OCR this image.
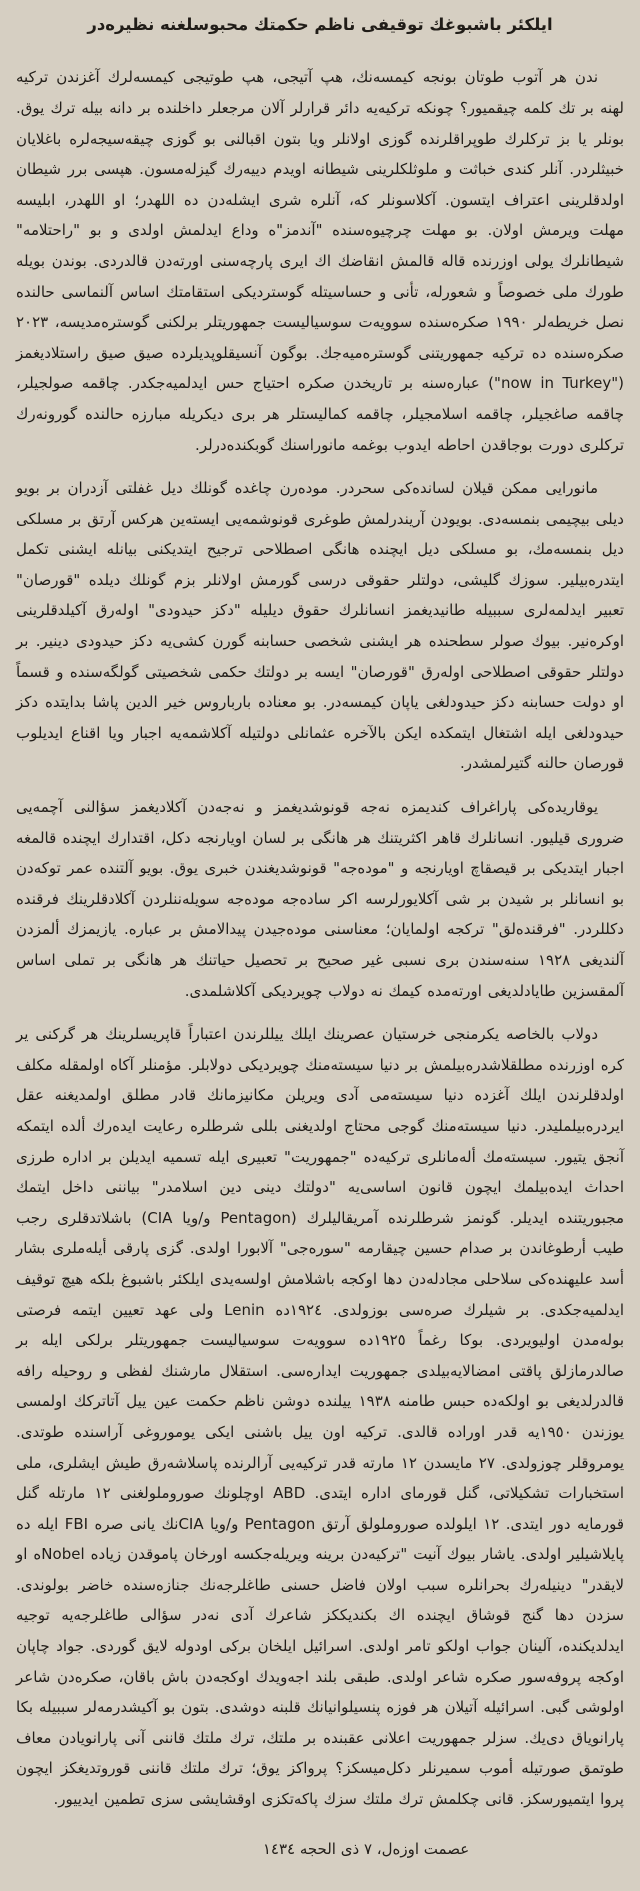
ايلكئر باشبوغك توقيفى ناظم حكمتك محبوسلغنه نظيره‌در

ندن هر آتوب طوتان بونجه كيمسه‌نك، هپ آتيجى، هپ طوتيجى كيمسه‌لرك آغزندن تركيه لهنه بر تك كلمه چيقميور؟ چونكه تركيه‌يه دائر قرارلر آلان مرجعلر داخلنده بر دانه بيله ترك يوق. بونلر يا بز تركلرك طوپراقلرنده گوزى اولانلر ويا بتون اقبالنى بو گوزى چيقه‌سيجه‌لره باغلايان خبيثلردر. آنلر كندى خباثت و ملوثلكلرينى شيطانه اويدم دييه‌رك گيزله‌مسون. هپسى برر شيطان اولدقلرينى اعتراف ايتسون. آكلاسونلر كه، آنلره شرى ايشله‌دن ده اللهدر؛ او اللهدر، ابليسه مهلت ويرمش اولان. بو مهلت چرچيوه‌سنده "آندمز"ه وداع ايدلمش اولدى و بو "راحتلامه" شيطانلرك يولى اوزرنده قاله قالمش انقاضك اك ايرى پارچه‌سنى اورته‌دن قالدردى. بوندن بويله طورك ملى خصوصاً و شعورله، تأنى و حساسيتله گوسترديكى استقامتك اساس آلنماسى حالنده نصل خريطه‌لر ١٩٩٠ صكره‌سنده سوويه‌ت سوسياليست جمهوريتلر برلكنى گوستره‌مديسه، ٢٠٢٣ صكره‌سنده ده تركيه جمهوريتنى گوستره‌ميه‌جك. بوگون آنسيقلوپديلرده صيق صيق راستلاديغمز ("now in Turkey") عباره‌سنه بر تاريخدن صكره احتياج حس ايدلميه‌جكدر. چاقمه صولجيلر، چاقمه صاغجيلر، چاقمه اسلامجيلر، چاقمه كماليستلر هر برى ديكريله مبارزه حالنده گورونه‌رك تركلرى دورت بوجاقدن احاطه ايدوب بوغمه مانوراسنك گوبكنده‌درلر.

مانورايى ممكن قيلان لسانده‌كى سحردر. موده‌رن چاغده گونلك ديل غفلتى آزدران بر بويو ديلى بيچيمى بنمسه‌دى. بويودن آريندرلمش طوغرى قونوشمه‌يى ايسته‌ين هركس آرتق بر مسلكى ديل بنمسه‌مك، بو مسلكى ديل ايچنده هانگى اصطلاحى ترجيح ايتديكنى بيانله ايشنى تكمل ايتدره‌بيلير. سوزك گليشى، دولتلر حقوقى درسى گورمش اولانلر بزم گونلك ديلده "قورصان" تعبير ايدلمه‌لرى سببيله طانيديغمز انسانلرك حقوق ديليله "دكز حيدودى" اوله‌رق آكيلدقلرينى اوكره‌نير. بيوك صولر سطحنده هر ايشنى شخصى حسابنه گورن كشى‌يه دكز حيدودى دينير. بر دولتلر حقوقى اصطلاحى اوله‌رق "قورصان" ايسه بر دولتك حكمى شخصيتى گولگه‌سنده و قسماً او دولت حسابنه دكز حيدودلغى ياپان كيمسه‌در. بو معناده بارباروس خير الدين پاشا بدايتده دكز حيدودلغى ايله اشتغال ايتمكده ايكن بالآخره عثمانلى دولتيله آكلاشمه‌يه اجبار ويا اقناع ايديلوب قورصان حالنه گتيرلمشدر.

يوقاريده‌كى پاراغراف كنديمزه نه‌جه قونوشديغمز و نه‌جه‌دن آكلاديغمز سؤالنى آچمه‌يى ضرورى قيليور. انسانلرك قاهر اكثريتنك هر هانگى بر لسان اويارنجه دكل، اقتدارك ايچنده قالمغه اجبار ايتديكى بر قيصقاچ اويارنجه و "موده‌جه" قونوشديغندن خبرى يوق. بويو آلتنده عمر توكه‌دن بو انسانلر بر شيدن بر شى آكلايورلرسه اكر ساده‌جه موده‌جه سويله‌ننلردن آكلادقلرينك فرقنده دكللردر. "فرقنده‌لق" تركجه اولمايان؛ معناسنى موده‌جيدن پيدالامش بر عباره. يازيمزك ألمزدن آلنديغى ١٩٢٨ سنه‌سندن برى نسبى غير صحيح بر تحصيل حياتنك هر هانگى بر تملى اساس آلمقسزين طايادلديغى اورته‌مده كيمك نه دولاب چويرديكى آكلاشلمدى.

دولاب بالخاصه يكرمنجى خرستيان عصرينك ايلك ييللرندن اعتباراً قاپريسلرينك هر گركنى ير كره اوزرنده مطلقلاشدره‌بيلمش بر دنيا سيسته‌منك چويرديكى دولابلر. مؤمنلر آكاه اولمقله مكلف اولدقلرندن ايلك آغزده دنيا سيسته‌مى آدى ويريلن مكانيزمانك قادر مطلق اولمديغنه عقل ايردره‌بيلمليدر. دنيا سيسته‌منك گوجى محتاج اولديغنى بللى شرطلره رعايت ايده‌رك ألده ايتمكه آنجق يتيور. سيسته‌مك أله‌مانلرى تركيه‌ده "جمهوريت" تعبيرى ايله تسميه ايديلن بر اداره طرزى احداث ايده‌بيلمك ايچون قانون اساسى‌يه "دولتك دينى دين اسلامدر" بياننى داخل ايتمك مجبوريتنده ايديلر. گونمز شرطلرنده آمريقاليلرك (Pentagon و/ويا CIA) باشلاتدقلرى رجب طيب أرطوغاندن بر صدام حسين چيقارمه "سوره‌جى" آلابورا اولدى. گزى پارقى أيله‌ملرى بشار أسد عليهنده‌كى سلاحلى مجادله‌دن دها اوكجه باشلامش اولسه‌يدى ايلكئر باشبوغ بلكه هيچ توقيف ايدلميه‌جكدى. بر شيلرك صره‌سى بوزولدى. ١٩٢٤ده Lenin ولى عهد تعيين ايتمه فرصتى بوله‌مدن اوليويردى. بوكا رغماً ١٩٢٥ده سوويه‌ت سوسياليست جمهوريتلر برلكى ايله بر صالدرمازلق پاقتى امضالايه‌بيلدى جمهوريت ايداره‌سى. استقلال مارشنك لفظى و روحيله رافه قالدرلديغى بو اولكه‌ده حبس طامنه ١٩٣٨ ييلنده دوشن ناظم حكمت عين ييل آتاتركك اولمسى يوزندن ١٩٥٠يه قدر اوراده قالدى. تركيه اون ييل باشنى ايكى يوموروغى آراسنده طوتدى. يومروقلر چوزولدى. ٢٧ مايسدن ١٢ مارته قدر تركيه‌يى آرالرنده پاسلاشه‌رق طيش ايشلرى، ملى استخبارات تشكيلاتى، گنل قورماى اداره ايتدى. ABD اوچلونك صوروملولغنى ١٢ مارتله گنل قورمايه دور ايتدى. ١٢ ايلولده صوروملولق آرتق Pentagon و/ويا CIAنك يانى صره FBI ايله ده پايلاشيلير اولدى. ياشار بيوك آنيت "تركيه‌دن برينه ويريله‌جكسه اورخان پاموقدن زياده Nobelه او لايقدر" دينيله‌رك بحرانلره سبب اولان فاضل حسنى طاغلرجه‌نك جنازه‌سنده خاضر بولوندى. سزدن دها گنج قوشاق ايچنده اك بكنديككز شاعرك آدى نه‌در سؤالى طاغلرجه‌يه توجيه ايدلديكنده، آلينان جواب اولكو تامر اولدى. اسرائيل ايلخان بركى اودوله لايق گوردى. جواد چاپان اوكجه پروفه‌سور صكره شاعر اولدى. طبقى بلند اجه‌ويدك اوكجه‌دن باش باقان، صكره‌دن شاعر اولوشى گبى. اسرائيله آتيلان هر فوزه پنسيلوانيانك قلبنه دوشدى. بتون بو آكيشدرمه‌لر سببيله بكا پارانوياق دى‌يك. سزلر جمهوريت اعلانى عقبنده بر ملتك، ترك ملتك قاننى آنى پارانويادن معاف طوتمق صورتيله أموب سميرنلر دكل‌ميسكز؟ پرواكز يوق؛ ترك ملتك قاننى قوروتديغكز ايچون پروا ايتميورسكز. قانى چكلمش ترك ملتك سزك پاكه‌تكزى اوقشايشى سزى تطمين ايدييور.

عصمت اوزه‌ل، ٧ ذى الحجه ١٤٣٤
